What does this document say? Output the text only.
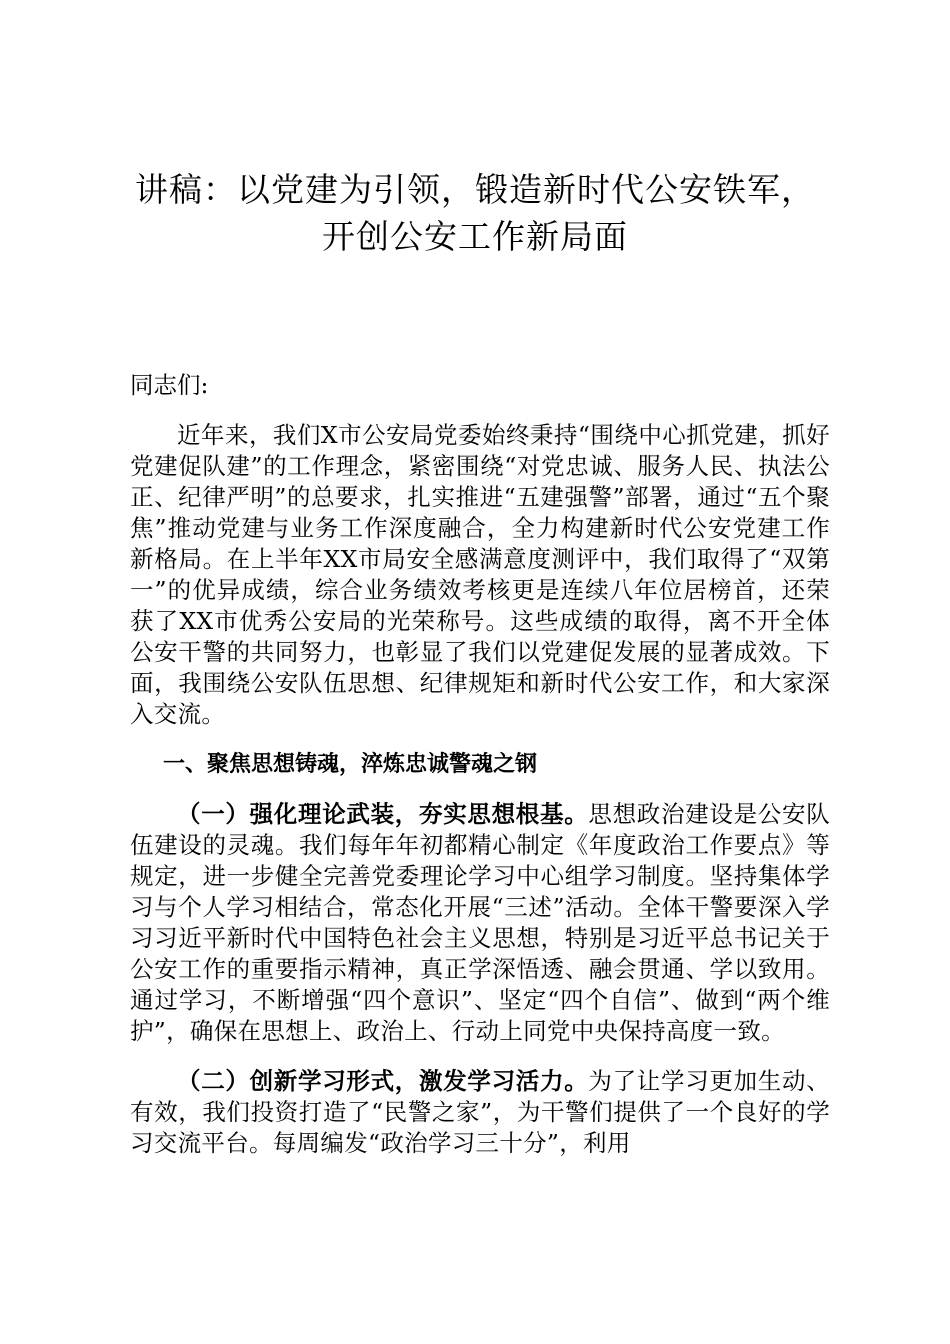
讲稿：以党建为引领，锻造新时代公安铁军，
开创公安工作新局面
同志们:

近年来，我们X市公安局党委始终秉持“围绕中心抓党建，抓好党建促队建”的工作理念，紧密围绕“对党忠诚、服务人民、执法公正、纪律严明”的总要求，扎实推进“五建强警”部署，通过“五个聚焦”推动党建与业务工作深度融合，全力构建新时代公安党建工作新格局。在上半年XX市局安全感满意度测评中，我们取得了“双第一”的优异成绩，综合业务绩效考核更是连续八年位居榜首，还荣获了XX市优秀公安局的光荣称号。这些成绩的取得，离不开全体公安干警的共同努力，也彰显了我们以党建促发展的显著成效。下面，我围绕公安队伍思想、纪律规矩和新时代公安工作，和大家深入交流。

一、聚焦思想铸魂，淬炼忠诚警魂之钢

（一）强化理论武装，夯实思想根基。思想政治建设是公安队伍建设的灵魂。我们每年年初都精心制定《年度政治工作要点》等规定，进一步健全完善党委理论学习中心组学习制度。坚持集体学习与个人学习相结合，常态化开展“三述”活动。全体干警要深入学习习近平新时代中国特色社会主义思想，特别是习近平总书记关于公安工作的重要指示精神，真正学深悟透、融会贯通、学以致用。通过学习，不断增强“四个意识”、坚定“四个自信”、做到“两个维护”，确保在思想上、政治上、行动上同党中央保持高度一致。

（二）创新学习形式，激发学习活力。为了让学习更加生动、有效，我们投资打造了“民警之家”，为干警们提供了一个良好的学习交流平台。每周编发“政治学习三十分”，利用
